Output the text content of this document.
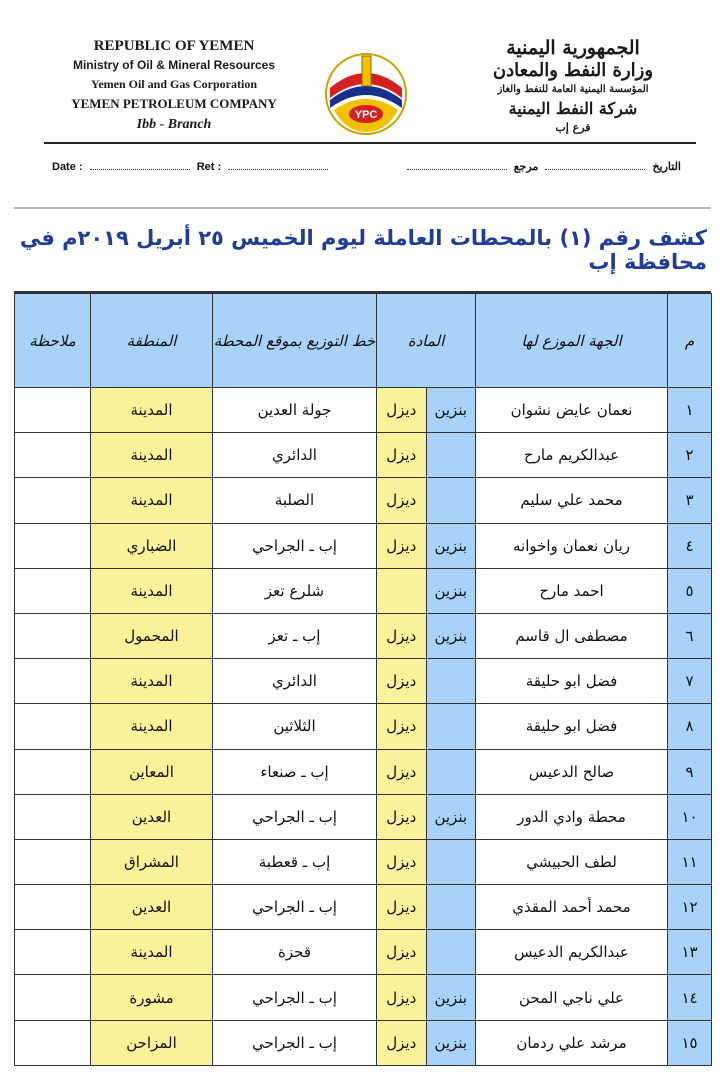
REPUBLIC OF YEMEN
Ministry of Oil & Mineral Resources
Yemen Oil and Gas Corporation
YEMEN PETROLEUM COMPANY
Ibb - Branch
YPC
الجمهورية اليمنية
وزارة النفط والمعادن
المؤسسة اليمنية العامة للنفط والغاز
شركة النفط اليمنية
فرع إب
Date :	Ret :	التاريخ  مرجع
كشف رقم (١) بالمحطات العاملة ليوم الخميس ٢٥ أبريل ٢٠١٩م في محافظة إب
م	الجهة الموزع لها	المادة		خط التوزيع بموقع المحطة	المنطقة	ملاحظة
١	نعمان عايض نشوان	بنزين	ديزل	جولة العدين	المدينة	
٢	عبدالكريم مارح		ديزل	الدائري	المدينة	
٣	محمد علي سليم		ديزل	الصلبة	المدينة	
٤	ريان نعمان واخوانه	بنزين	ديزل	إب ـ الجراحي	الضباري	
٥	احمد مارح	بنزين		شلرع تعز	المدينة	
٦	مصطفى ال قاسم	بنزين	ديزل	إب ـ تعز	المحمول	
٧	فضل ابو حليقة		ديزل	الدائري	المدينة	
٨	فضل ابو حليقة		ديزل	الثلاثين	المدينة	
٩	صالح الدعيس		ديزل	إب ـ صنعاء	المعاين	
١٠	محطة وادي الدور	بنزين	ديزل	إب ـ الجراحي	العدين	
١١	لطف الحبيشي		ديزل	إب ـ قعطبة	المشراق	
١٢	محمد أحمد المقذي		ديزل	إب ـ الجراحي	العدين	
١٣	عبدالكريم الدعيس		ديزل	قحزة	المدينة	
١٤	علي ناجي المحن	بنزين	ديزل	إب ـ الجراحي	مشورة	
١٥	مرشد علي ردمان	بنزين	ديزل	إب ـ الجراحي	المزاحن	
